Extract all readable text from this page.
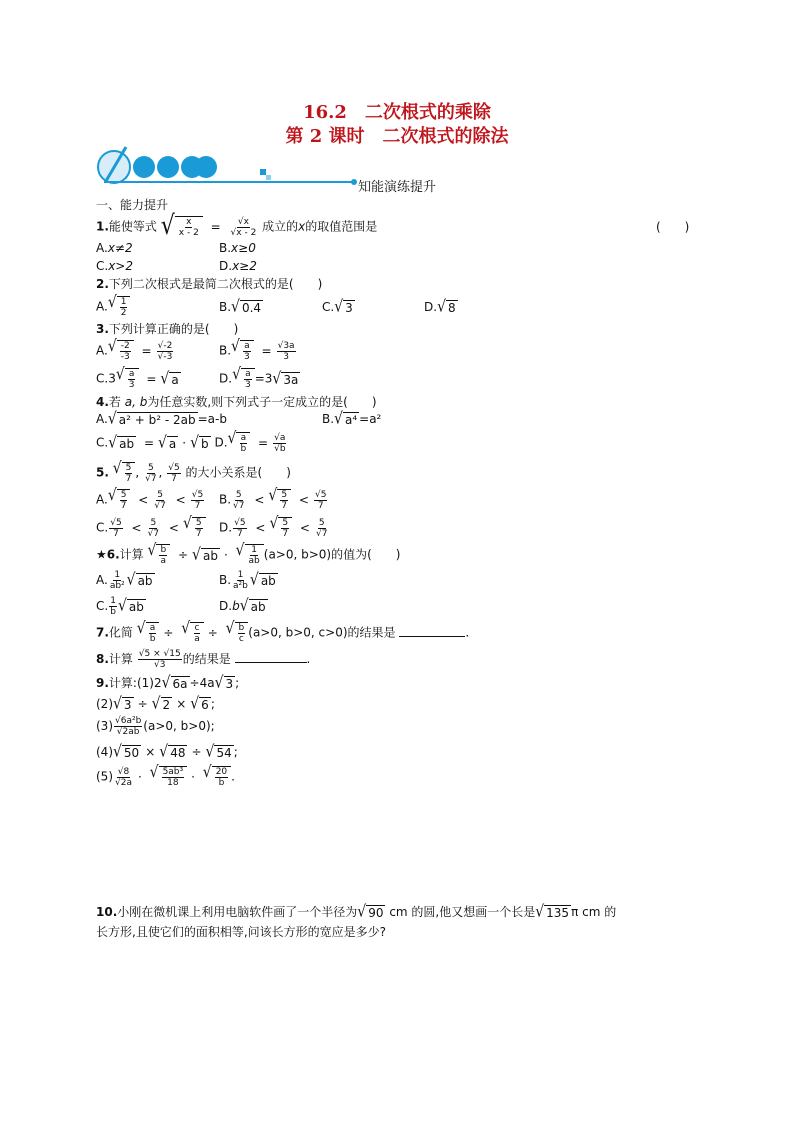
16.2　二次根式的乘除
第 2 课时　二次根式的除法
知能演练提升
一、能力提升
1.能使等式 √ x
$x - 2 = \frac{√x}{√x - 2}$ 成立的x的取值范围是	(　　)
A.x≠2	B.x≥0
C.x>2	D.x≥2
2.下列二次根式是最简二次根式的是(　　)
A. √ 1
2	B. √ 0.4	C. √ 3	D. √ 8
3.下列计算正确的是(　　)
A. √ -2
$-3 = \frac{√-2}{√-3}$	B. √ a
$3 = \frac{√3a}{3}$
C.3 √ a
3 = √ a	D. √ a
3 =3 √ 3a
4.若 a, b为任意实数,则下列式子一定成立的是(　　)
A. √ a² + b² - 2ab =a-b	B. √ a⁴ =a²
C. √ ab = √ a · √ b D. √ a
$b = \frac{√a}{√b}$
5. √ 5
7 , $\frac{5}{√7}$ , $\frac{√5}{7}$ 的大小关系是(　　)
A. √ 5
$7 < \frac{5}{√7} < \frac{√5}{7} B$. $\frac{5}{√7}$ < √ 5
$7 < \frac{√5}{7}$
C. $\frac{√5}{7} < \frac{5}{√7}$ < √ 5
7 D. $\frac{√5}{7}$ < √ 5
$7 < \frac{5}{√7}$
★6.计算 √ b
a ÷ √ ab · √ 1
ab (a>0, b>0)的值为(　　)
A. $\frac{1}{\text{ab²}}$ √ ab	B. $\frac{1}{\text{a²b}}$ √ ab
C. $\frac{1}{b}$ √ ab	D.b √ ab
7.化简 √ a
b ÷ √ c
a ÷ √ b
c (a>0, b>0, c>0)的结果是	.
8.计算 $\frac{√5 \times √15}{√3}$ 的结果是	.
9.计算:(1)2 √ 6a ÷4a √ 3 ;
(2) √ 3 ÷ √ 2 × √ 6 ;
$(3) \frac{\text{√6a²b}}{√2ab} (a>0$, b>0);
(4) √ 50 × √ 48 ÷ √ 54 ;
$(5) \frac{√8}{√2a}$ · √ 5ab³
18 · √ 20
b .
10.小刚在微机课上利用电脑软件画了一个半径为 √ 90 cm 的圆,他又想画一个长是 √ 135 π cm 的
长方形,且使它们的面积相等,问该长方形的宽应是多少?
